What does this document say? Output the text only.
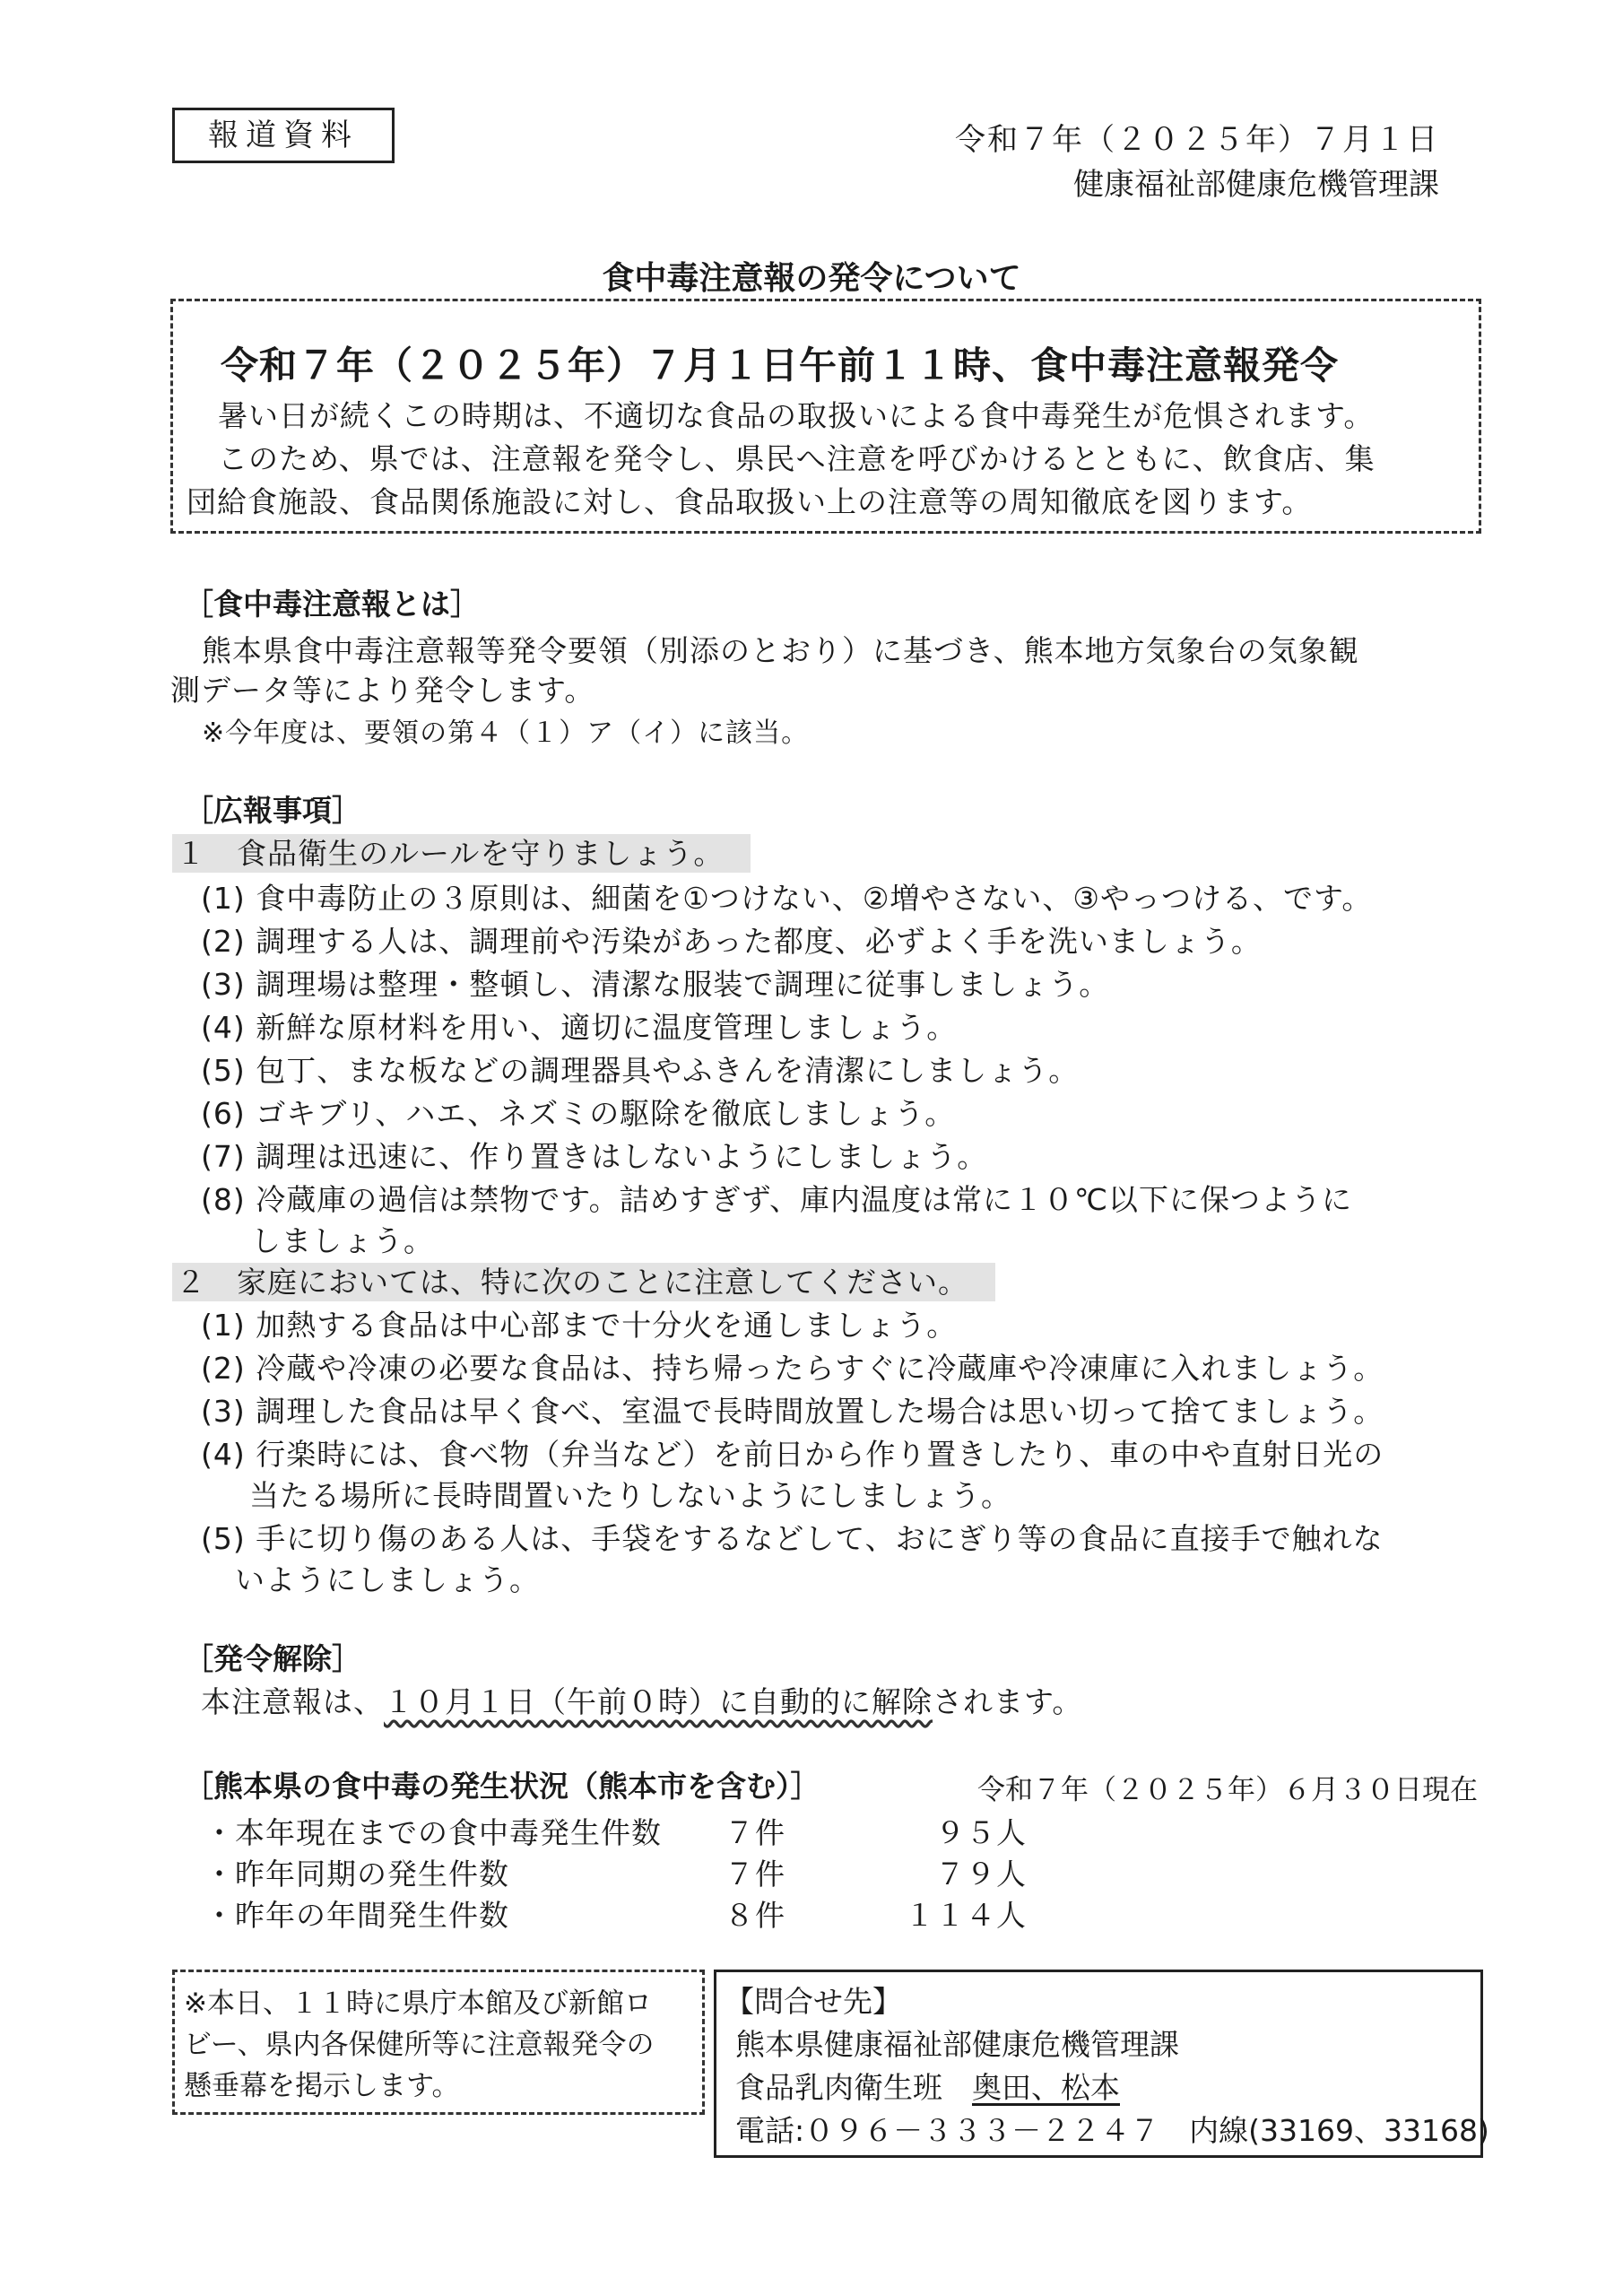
報道資料	令和７年（２０２５年）７月１日
健康福祉部健康危機管理課
食中毒注意報の発令について
令和７年（２０２５年）７月１日午前１１時、食中毒注意報発令
暑い日が続くこの時期は、不適切な食品の取扱いによる食中毒発生が危惧されます。
このため、県では、注意報を発令し、県民へ注意を呼びかけるとともに、飲食店、集
団給食施設、食品関係施設に対し、食品取扱い上の注意等の周知徹底を図ります。
［食中毒注意報とは］
熊本県食中毒注意報等発令要領（別添のとおり）に基づき、熊本地方気象台の気象観
測データ等により発令します。
※今年度は、要領の第４（１）ア（イ）に該当。
［広報事項］
１　 食品衛生のルールを守りましょう。
(1) 食中毒防止の３原則は、細菌を①つけない、②増やさない、③やっつける、です。
(2) 調理する人は、調理前や汚染があった都度、必ずよく手を洗いましょう。
(3) 調理場は整理・整頓し、清潔な服装で調理に従事しましょう。
(4) 新鮮な原材料を用い、適切に温度管理しましょう。
(5) 包丁、まな板などの調理器具やふきんを清潔にしましょう。
(6) ゴキブリ、ハエ、ネズミの駆除を徹底しましょう。
(7) 調理は迅速に、作り置きはしないようにしましょう。
(8) 冷蔵庫の過信は禁物です。詰めすぎず、庫内温度は常に１０℃以下に保つように
しましょう。
２　 家庭においては、特に次のことに注意してください。
(1) 加熱する食品は中心部まで十分火を通しましょう。
(2) 冷蔵や冷凍の必要な食品は、持ち帰ったらすぐに冷蔵庫や冷凍庫に入れましょう。
(3) 調理した食品は早く食べ、室温で長時間放置した場合は思い切って捨てましょう。
(4) 行楽時には、食べ物（弁当など）を前日から作り置きしたり、車の中や直射日光の
当たる場所に長時間置いたりしないようにしましょう。
(5) 手に切り傷のある人は、手袋をするなどして、おにぎり等の食品に直接手で触れな
いようにしましょう。
［発令解除］
本注意報は、１０月１日（午前０時）に自動的に解除されます。
［熊本県の食中毒の発生状況（熊本市を含む）］	令和７年（２０２５年）６月３０日現在
・本年現在までの食中毒発生件数 ７件	９５人
・昨年同期の発生件数	７件	７９人
・昨年の年間発生件数	８件	１１４人
※本日、１１時に県庁本館及び新館ロ
ビー、県内各保健所等に注意報発令の
懸垂幕を掲示します。
【問合せ先】
熊本県健康福祉部健康危機管理課
食品乳肉衛生班　 奥田、松本
電話:０９６－３３３－２２４７　内線(33169、33168)
